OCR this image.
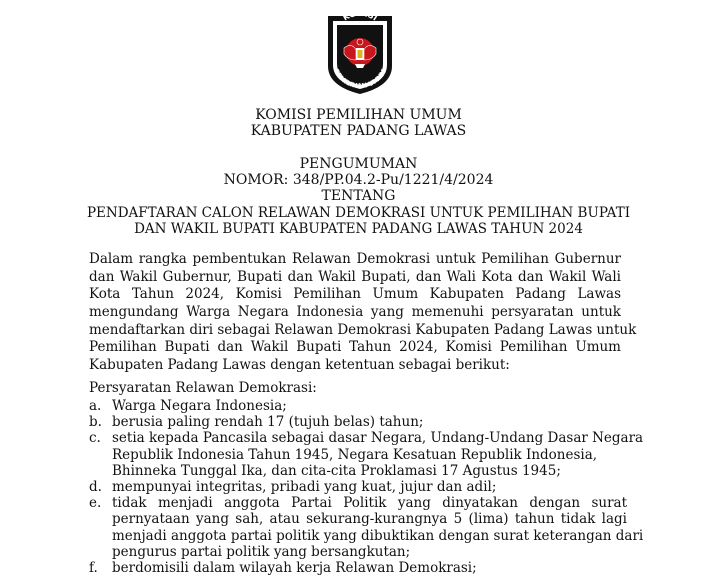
KOMISI
PEMILIHAN UMUM
KOMISI PEMILIHAN UMUM
KABUPATEN PADANG LAWAS
PENGUMUMAN
NOMOR: 348/PP.04.2-Pu/1221/4/2024
TENTANG
PENDAFTARAN CALON RELAWAN DEMOKRASI UNTUK PEMILIHAN BUPATI
DAN WAKIL BUPATI KABUPATEN PADANG LAWAS TAHUN 2024
Dalam rangka pembentukan Relawan Demokrasi untuk Pemilihan Gubernur
dan Wakil Gubernur, Bupati dan Wakil Bupati, dan Wali Kota dan Wakil Wali
Kota Tahun 2024, Komisi Pemilihan Umum Kabupaten Padang Lawas
mengundang Warga Negara Indonesia yang memenuhi persyaratan untuk
mendaftarkan diri sebagai Relawan Demokrasi Kabupaten Padang Lawas untuk
Pemilihan Bupati dan Wakil Bupati Tahun 2024, Komisi Pemilihan Umum
Kabupaten Padang Lawas dengan ketentuan sebagai berikut:
Persyaratan Relawan Demokrasi:
a. Warga Negara Indonesia;
b. berusia paling rendah 17 (tujuh belas) tahun;
c. setia kepada Pancasila sebagai dasar Negara, Undang-Undang Dasar Negara
Republik Indonesia Tahun 1945, Negara Kesatuan Republik Indonesia,
Bhinneka Tunggal Ika, dan cita-cita Proklamasi 17 Agustus 1945;
d. mempunyai integritas, pribadi yang kuat, jujur dan adil;
e. tidak menjadi anggota Partai Politik yang dinyatakan dengan surat
pernyataan yang sah, atau sekurang-kurangnya 5 (lima) tahun tidak lagi
menjadi anggota partai politik yang dibuktikan dengan surat keterangan dari
pengurus partai politik yang bersangkutan;
f. berdomisili dalam wilayah kerja Relawan Demokrasi;
